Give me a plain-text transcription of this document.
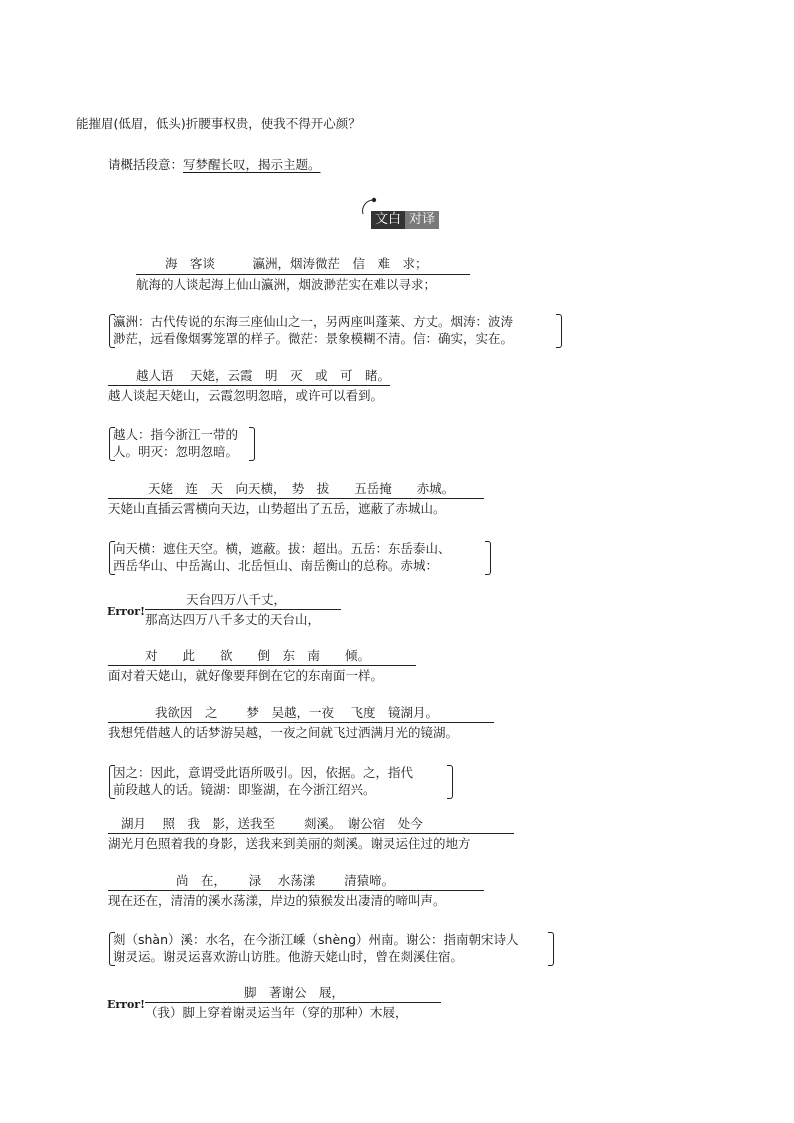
能摧眉(低眉，低头)折腰事权贵，使我不得开心颜？
请概括段意：写梦醒长叹，揭示主题。
文白 对译
海　客谈　　　瀛洲，烟涛微茫　信　难　求；
航海的人谈起海上仙山瀛洲，烟波渺茫实在难以寻求；
瀛洲：古代传说的东海三座仙山之一，另两座叫蓬莱、方丈。烟涛：波涛
渺茫，远看像烟雾笼罩的样子。微茫：景象模糊不清。信：确实，实在。
越人语　 天姥，云霞　明　灭　或　可　睹。
越人谈起天姥山，云霞忽明忽暗，或许可以看到。
越人：指今浙江一带的
人。明灭：忽明忽暗。
天姥　连　天　向天横，　势　拔　　五岳掩　　赤城。
天姥山直插云霄横向天边，山势超出了五岳，遮蔽了赤城山。
向天横：遮住天空。横，遮蔽。拔：超出。五岳：东岳泰山、
西岳华山、中岳嵩山、北岳恒山、南岳衡山的总称。赤城：
Error!
天台四万八千丈，
那高达四万八千多丈的天台山，
对　　此　　欲　　倒　东　南　　倾。
面对着天姥山，就好像要拜倒在它的东南面一样。
我欲因　之　　 梦　吴越，一夜　 飞度　镜湖月。
我想凭借越人的话梦游吴越，一夜之间就飞过洒满月光的镜湖。
因之：因此，意谓受此语所吸引。因，依据。之，指代
前段越人的话。镜湖：即鉴湖，在今浙江绍兴。
湖月　 照　我　影，送我至　　 剡溪。　谢公宿　处今
湖光月色照着我的身影，送我来到美丽的剡溪。谢灵运住过的地方
尚　在，　　 渌　 水荡漾　　 清猿啼。
现在还在，清清的溪水荡漾，岸边的猿猴发出凄清的啼叫声。
剡（shàn）溪：水名，在今浙江嵊（shèng）州南。谢公：指南朝宋诗人
谢灵运。谢灵运喜欢游山访胜。他游天姥山时，曾在剡溪住宿。
Error!
脚　著谢公　屐，
（我）脚上穿着谢灵运当年（穿的那种）木屐，
